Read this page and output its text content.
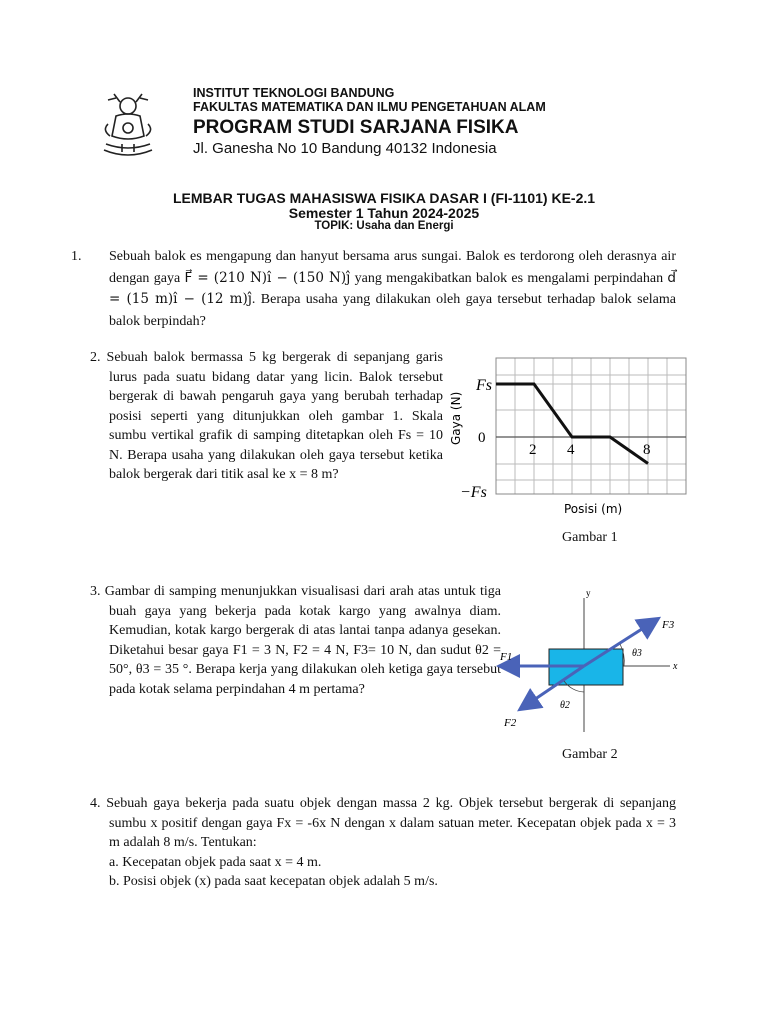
INSTITUT TEKNOLOGI BANDUNG
FAKULTAS MATEMATIKA DAN ILMU PENGETAHUAN ALAM
PROGRAM STUDI SARJANA FISIKA
Jl. Ganesha No 10 Bandung 40132 Indonesia
LEMBAR TUGAS MAHASISWA FISIKA DASAR I (FI-1101) KE-2.1
Semester 1 Tahun 2024-2025
TOPIK: Usaha dan Energi
1. Sebuah balok es mengapung dan hanyut bersama arus sungai. Balok es terdorong oleh derasnya air dengan gaya F⃗ = (210 N)î − (150 N)ĵ yang mengakibatkan balok es mengalami perpindahan d⃗ = (15 m)î − (12 m)ĵ. Berapa usaha yang dilakukan oleh gaya tersebut terhadap balok selama balok berpindah?
2. Sebuah balok bermassa 5 kg bergerak di sepanjang garis lurus pada suatu bidang datar yang licin. Balok tersebut bergerak di bawah pengaruh gaya yang berubah terhadap posisi seperti yang ditunjukkan oleh gambar 1. Skala sumbu vertikal grafik di samping ditetapkan oleh Fs = 10 N. Berapa usaha yang dilakukan oleh gaya tersebut ketika balok bergerak dari titik asal ke x = 8 m?
Fs
0
−Fs
2 4	8
Gaya (N)
Posisi (m)
Gambar 1
3. Gambar di samping menunjukkan visualisasi dari arah atas untuk tiga buah gaya yang bekerja pada kotak kargo yang awalnya diam. Kemudian, kotak kargo bergerak di atas lantai tanpa adanya gesekan. Diketahui besar gaya F1 = 3 N, F2 = 4 N, F3= 10 N, dan sudut θ2 = 50°, θ3 = 35 °. Berapa kerja yang dilakukan oleh ketiga gaya tersebut pada kotak selama perpindahan 4 m pertama?
y
x
F1
F2
F3
θ3
θ2
Gambar 2
4. Sebuah gaya bekerja pada suatu objek dengan massa 2 kg. Objek tersebut bergerak di sepanjang sumbu x positif dengan gaya Fx = -6x N dengan x dalam satuan meter. Kecepatan objek pada x = 3 m adalah 8 m/s. Tentukan:
a. Kecepatan objek pada saat x = 4 m.
b. Posisi objek (x) pada saat kecepatan objek adalah 5 m/s.
